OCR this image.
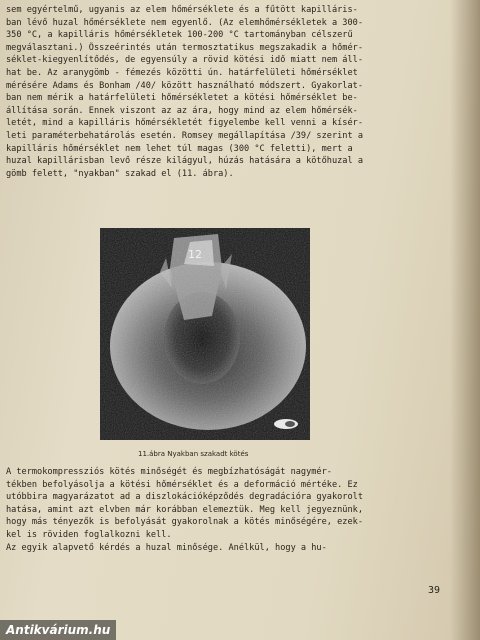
sem egyértelmű, ugyanis az elem hőmérséklete és a fűtött kapilláris-
ban lévő huzal hőmérséklete nem egyenlő. (Az elemhőmérsékletek a 300-
350 °C, a kapilláris hőmérsékletek 100-200 °C tartományban célszerű
megválasztani.) Összeérintés után termosztatikus megszakadik a hőmér-
séklet-kiegyenlítődés, de egyensúly a rövid kötési idő miatt nem áll-
hat be. Az aranygömb - fémezés közötti ún. határfelületi hőmérséklet
mérésére Adams és Bonham /40/ között használható módszert. Gyakorlat-
ban nem mérik a határfelületi hőmérsékletet a kötési hőmérséklet be-
állítása során. Ennek viszont az az ára, hogy mind az elem hőmérsék-
letét, mind a kapilláris hőmérsékletét figyelembe kell venni a kísér-
leti paraméterbehatárolás esetén. Romsey megállapítása /39/ szerint a
kapilláris hőmérséklet nem lehet túl magas (300 °C feletti), mert a
huzal kapillárisban levő része kilágyul, húzás hatására a kötőhuzal a
gömb felett, "nyakban" szakad el (11. ábra).
12
11.ábra Nyakban szakadt kötés
A termokompressziós kötés minőségét és megbízhatóságát nagymér-
tékben befolyásolja a kötési hőmérséklet és a deformáció mértéke. Ez
utóbbira magyarázatot ad a diszlokációképződés degradációra gyakorolt
hatása, amint azt elvben már korábban elemeztük. Meg kell jegyeznünk,
hogy más tényezők is befolyását gyakorolnak a kötés minőségére, ezek-
kel is röviden foglalkozni kell.
Az egyik alapvető kérdés a huzal minősége. Anélkül, hogy a hu-
39
Antikvárium.hu
